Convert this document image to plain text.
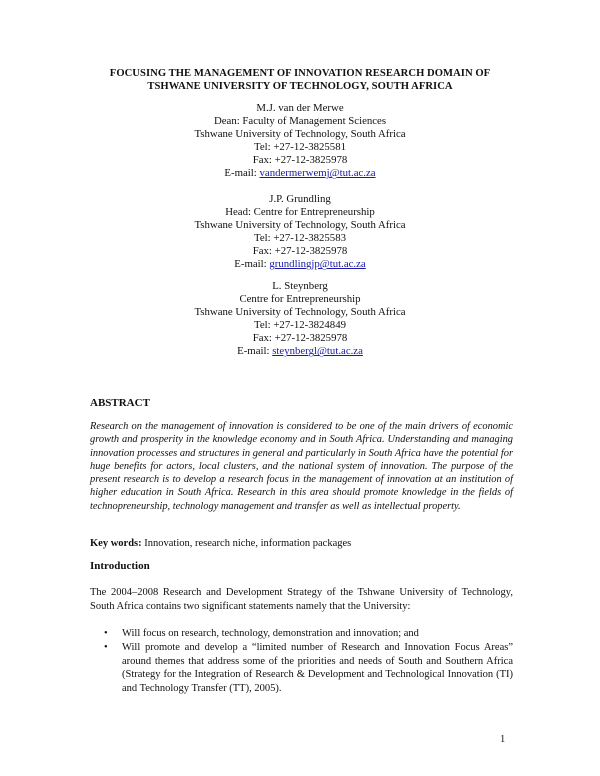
FOCUSING THE MANAGEMENT OF INNOVATION RESEARCH DOMAIN OF
TSHWANE UNIVERSITY OF TECHNOLOGY, SOUTH AFRICA
M.J. van der Merwe
Dean: Faculty of Management Sciences
Tshwane University of Technology, South Africa
Tel: +27-12-3825581
Fax: +27-12-3825978
E-mail: vandermerwemj@tut.ac.za
J.P. Grundling
Head: Centre for Entrepreneurship
Tshwane University of Technology, South Africa
Tel: +27-12-3825583
Fax: +27-12-3825978
E-mail: grundlingjp@tut.ac.za
L. Steynberg
Centre for Entrepreneurship
Tshwane University of Technology, South Africa
Tel: +27-12-3824849
Fax: +27-12-3825978
E-mail: steynbergl@tut.ac.za
ABSTRACT
Research on the management of innovation is considered to be one of the main drivers of economic growth and prosperity in the knowledge economy and in South Africa. Understanding and managing innovation processes and structures in general and particularly in South Africa have the potential for huge benefits for actors, local clusters, and the national system of innovation. The purpose of the present research is to develop a research focus in the management of innovation at an institution of higher education in South Africa. Research in this area should promote knowledge in the fields of technopreneurship, technology management and transfer as well as intellectual property.
Key words: Innovation, research niche, information packages
Introduction
The 2004–2008 Research and Development Strategy of the Tshwane University of Technology, South Africa contains two significant statements namely that the University:
• Will focus on research, technology, demonstration and innovation; and
• Will promote and develop a “limited number of Research and Innovation Focus Areas” around themes that address some of the priorities and needs of South and Southern Africa (Strategy for the Integration of Research & Development and Technological Innovation (TI) and Technology Transfer (TT), 2005).
1
